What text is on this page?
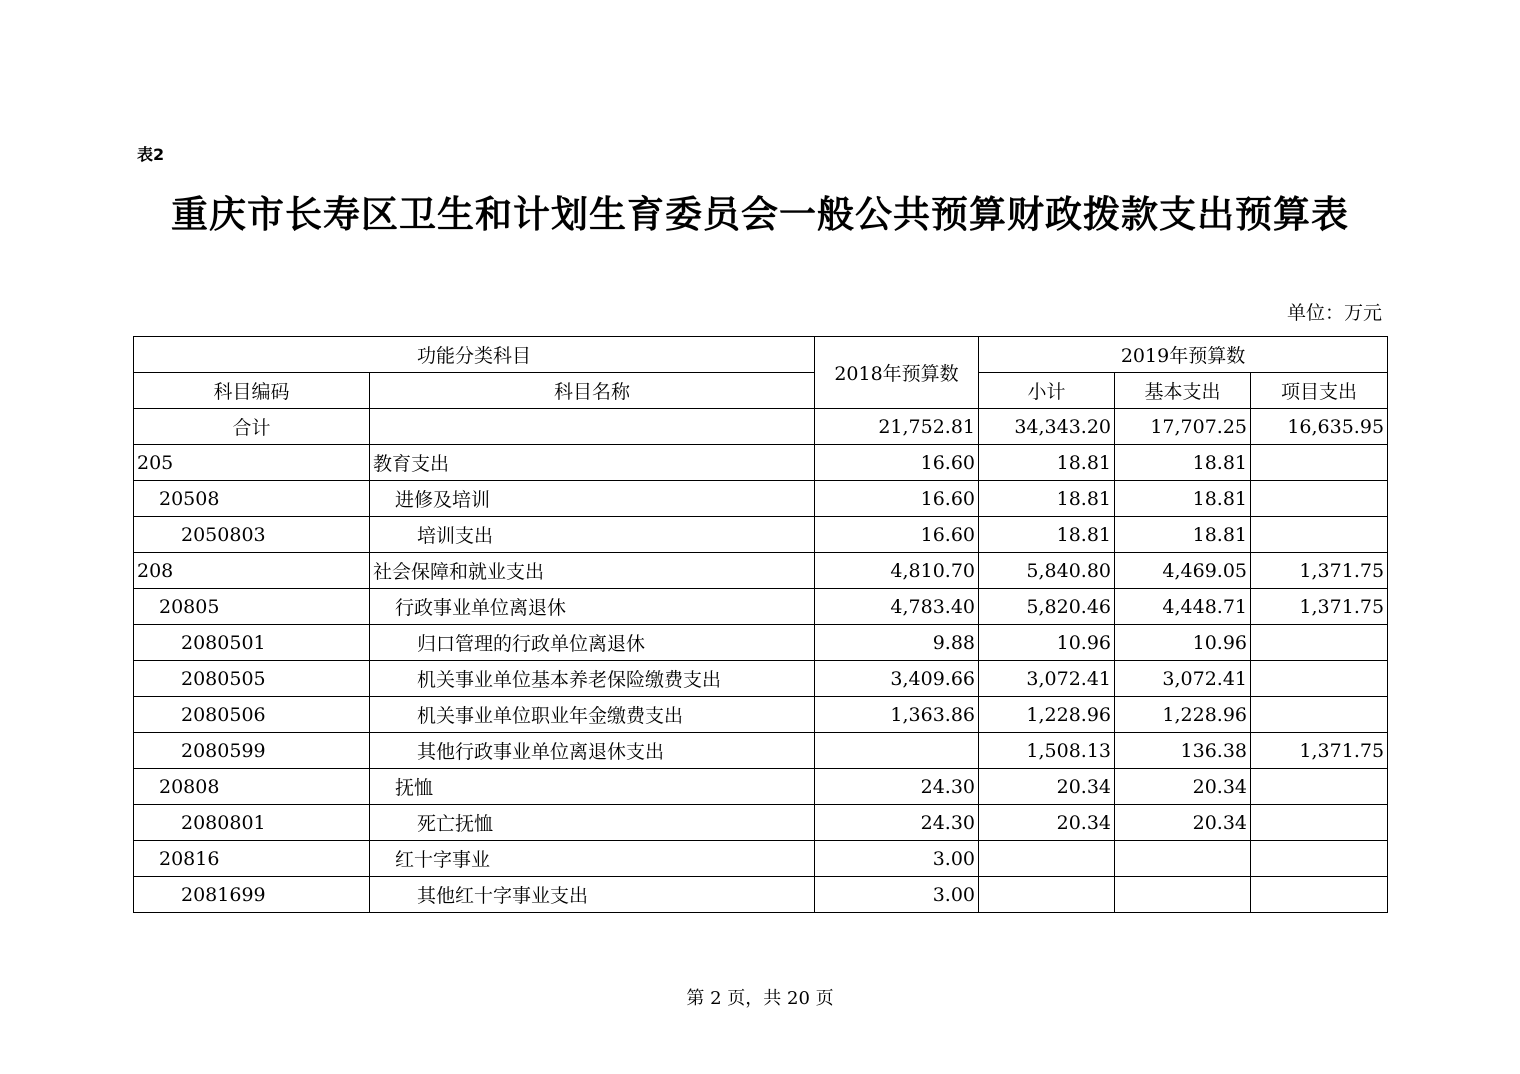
表2
重庆市长寿区卫生和计划生育委员会一般公共预算财政拨款支出预算表
单位：万元
功能分类科目		2018年预算数	2019年预算数		
科目编码	科目名称		小计	基本支出	项目支出
合计		21,752.81	34,343.20	17,707.25	16,635.95
205	教育支出	16.60	18.81	18.81	
20508	进修及培训	16.60	18.81	18.81	
2050803	培训支出	16.60	18.81	18.81	
208	社会保障和就业支出	4,810.70	5,840.80	4,469.05	1,371.75
20805	行政事业单位离退休	4,783.40	5,820.46	4,448.71	1,371.75
2080501	归口管理的行政单位离退休	9.88	10.96	10.96	
2080505	机关事业单位基本养老保险缴费支出	3,409.66	3,072.41	3,072.41	
2080506	机关事业单位职业年金缴费支出	1,363.86	1,228.96	1,228.96	
2080599	其他行政事业单位离退休支出		1,508.13	136.38	1,371.75
20808	抚恤	24.30	20.34	20.34	
2080801	死亡抚恤	24.30	20.34	20.34	
20816	红十字事业	3.00			
2081699	其他红十字事业支出	3.00			
第 2 页，共 20 页
